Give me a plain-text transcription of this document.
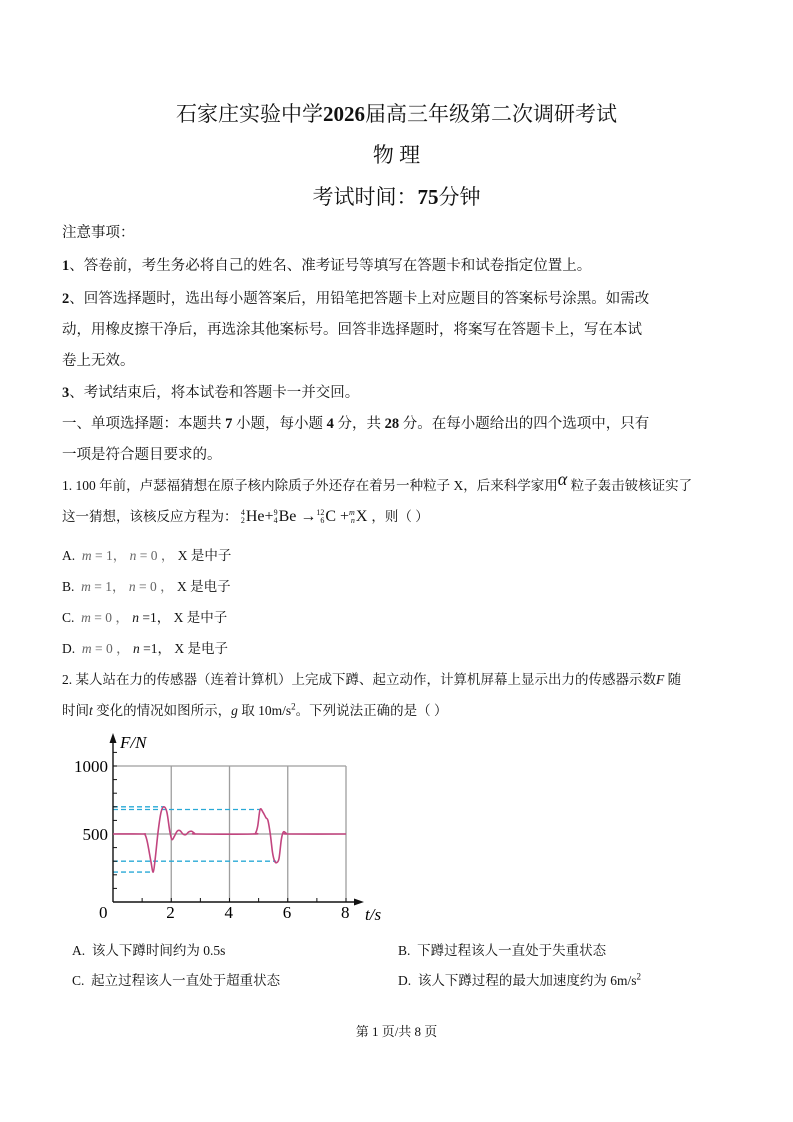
石家庄实验中学2026届高三年级第二次调研考试
物 理
考试时间：75分钟
注意事项：
1、答卷前，考生务必将自己的姓名、准考证号等填写在答题卡和试卷指定位置上。
2、回答选择题时，选出每小题答案后，用铅笔把答题卡上对应题目的答案标号涂黑。如需改
动，用橡皮擦干净后，再选涂其他案标号。回答非选择题时，将案写在答题卡上，写在本试
卷上无效。
3、考试结束后，将本试卷和答题卡一并交回。
一、单项选择题：本题共 7 小题，每小题 4 分，共 28 分。在每小题给出的四个选项中，只有
一项是符合题目要求的。
1. 100 年前，卢瑟福猜想在原子核内除质子外还存在着另一种粒子 X，后来科学家用α 粒子轰击铍核证实了
这一猜想，该核反应方程为： 4
2 He+ 9
4 Be → 12
6 C + m
n X ，则（ ）
A. m = 1， n = 0 ， X 是中子
B. m = 1， n = 0 ， X 是电子
C. m = 0 ， n =1， X 是中子
D. m = 0 ， n =1， X 是电子
2. 某人站在力的传感器（连着计算机）上完成下蹲、起立动作，计算机屏幕上显示出力的传感器示数F 随
时间t 变化的情况如图所示，g 取 $10m/s^2$。下列说法正确的是（ ）
F/N
t/s
0	2	4	6	8
500
1000
A. 该人下蹲时间约为 0.5s	B. 下蹲过程该人一直处于失重状态
C. 起立过程该人一直处于超重状态	D. 该人下蹲过程的最大加速度约为 $6m/s^2$
第 1 页/共 8 页
